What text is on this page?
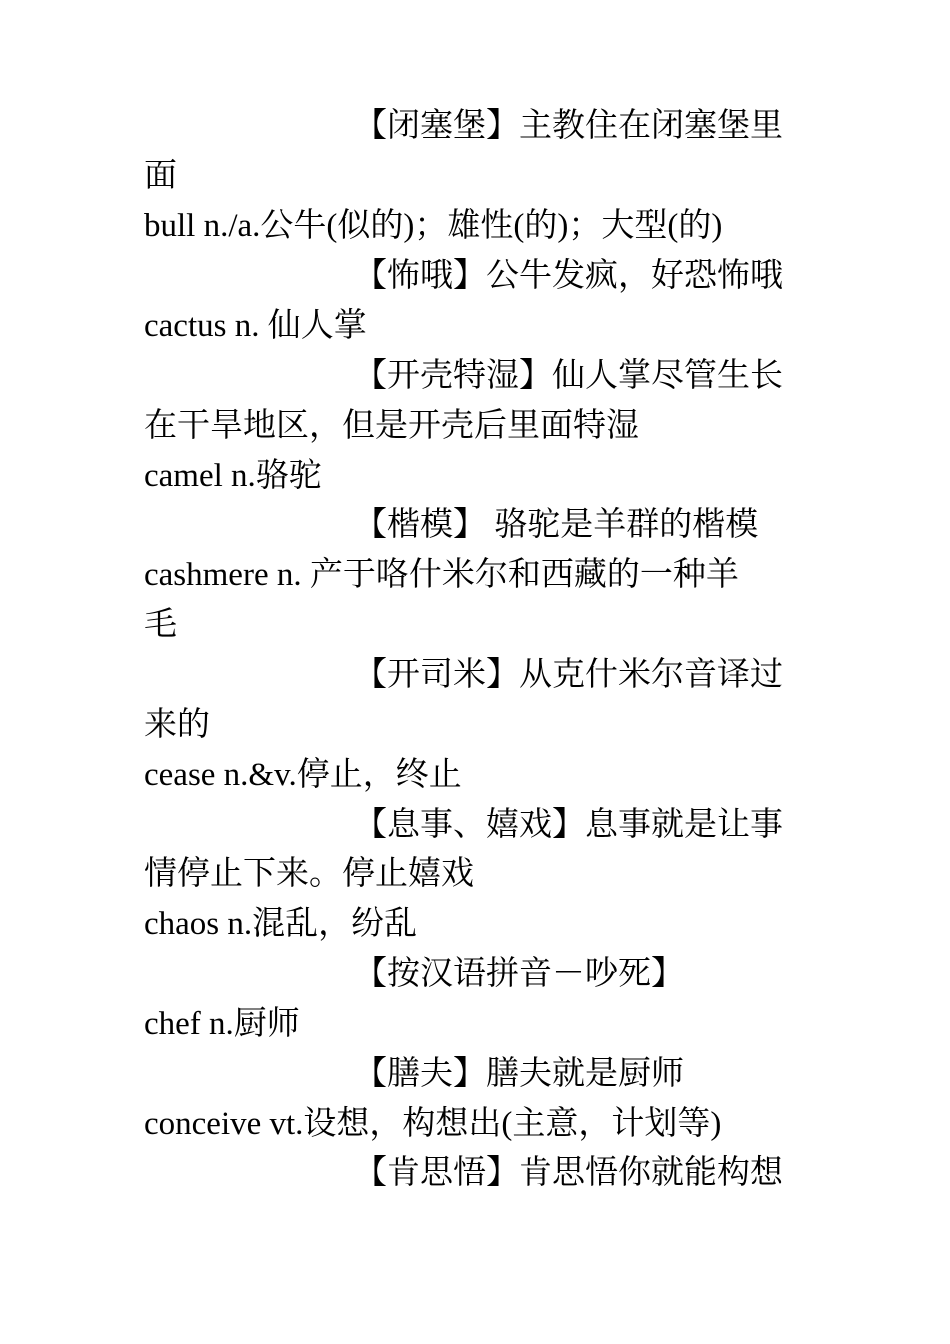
【闭塞堡】主教住在闭塞堡里
面
bull n./a.公牛(似的)；雄性(的)；大型(的)
【怖哦】公牛发疯，好恐怖哦
cactus n. 仙人掌
【开壳特湿】仙人掌尽管生长
在干旱地区，但是开壳后里面特湿
camel n.骆驼
【楷模】 骆驼是羊群的楷模
cashmere n. 产于咯什米尔和西藏的一种羊
毛
【开司米】从克什米尔音译过
来的
cease n.&v.停止，终止
【息事、嬉戏】息事就是让事
情停止下来。停止嬉戏
chaos n.混乱，纷乱
【按汉语拼音－吵死】
chef n.厨师
【膳夫】膳夫就是厨师
conceive vt.设想，构想出(主意，计划等)
【肯思悟】肯思悟你就能构想
